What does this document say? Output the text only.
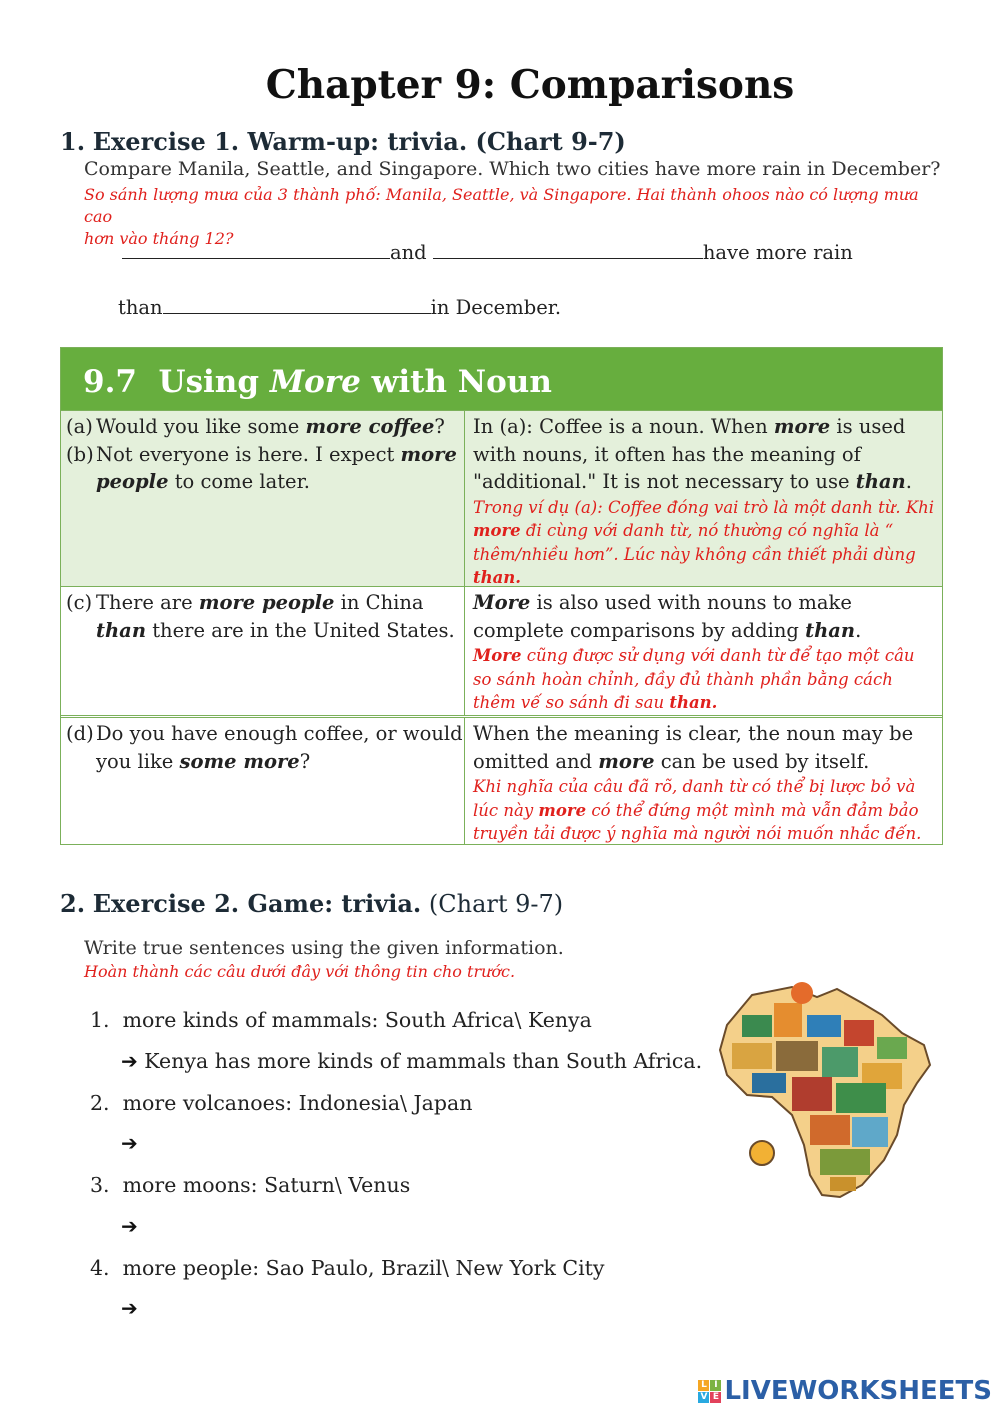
Chapter 9: Comparisons
1. Exercise 1. Warm-up: trivia. (Chart 9-7)
Compare Manila, Seattle, and Singapore. Which two cities have more rain in December?
So sánh lượng mưa của 3 thành phố: Manila, Seattle, và Singapore. Hai thành ohoos nào có lượng mưa cao
hơn vào tháng 12?
and	have more rain
than	in December.
9.7 Using More with Noun
(a) Would you like some more coffee?
(b) Not everyone is here. I expect more people to come later.
In (a): Coffee is a noun. When more is used with nouns, it often has the meaning of "additional." It is not necessary to use than.
Trong ví dụ (a): Coffee đóng vai trò là một danh từ. Khi more đi cùng với danh từ, nó thường có nghĩa là “ thêm/nhiều hơn”. Lúc này không cần thiết phải dùng than.
(c) There are more people in China than there are in the United States.
More is also used with nouns to make complete comparisons by adding than.
More cũng được sử dụng với danh từ để tạo một câu so sánh hoàn chỉnh, đầy đủ thành phần bằng cách thêm vế so sánh đi sau than.
(d) Do you have enough coffee, or would you like some more?
When the meaning is clear, the noun may be omitted and more can be used by itself.
Khi nghĩa của câu đã rõ, danh từ có thể bị lược bỏ và lúc này more có thể đứng một mình mà vẫn đảm bảo truyền tải được ý nghĩa mà người nói muốn nhắc đến.
2. Exercise 2. Game: trivia. (Chart 9-7)
Write true sentences using the given information.
Hoàn thành các câu dưới đây với thông tin cho trước.
1. more kinds of mammals: South Africa\ Kenya
➔ Kenya has more kinds of mammals than South Africa.
2. more volcanoes: Indonesia\ Japan
➔
3. more moons: Saturn\ Venus
➔
4. more people: Sao Paulo, Brazil\ New York City
➔
L I
V E LIVEWORKSHEETS
